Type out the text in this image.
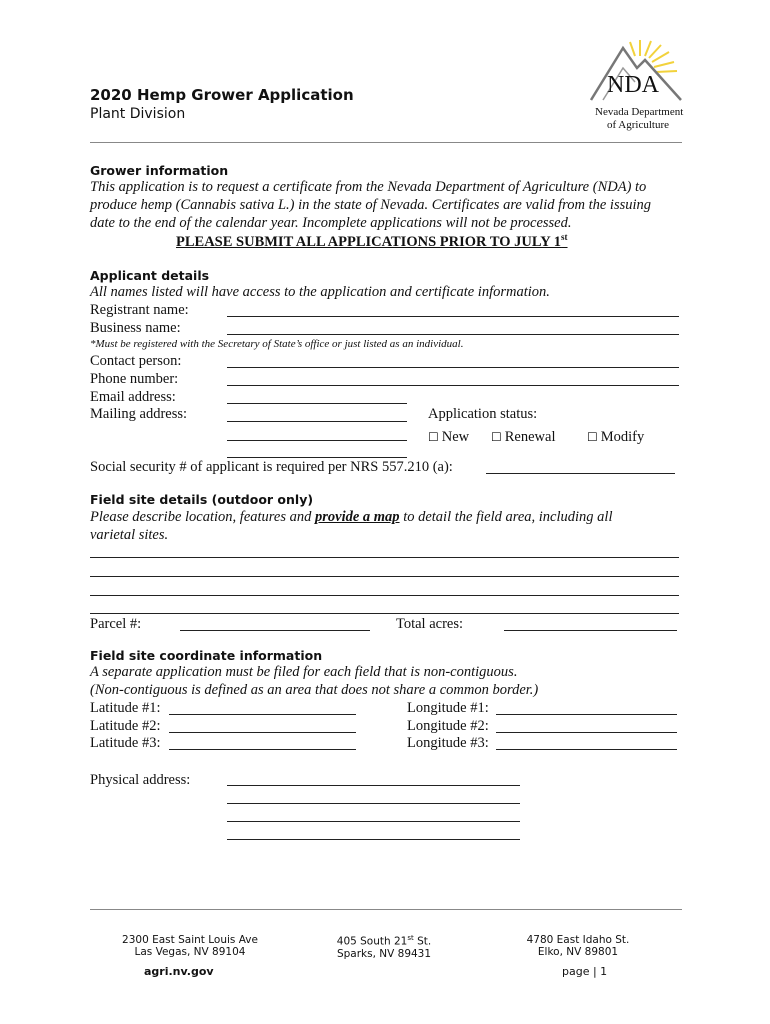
2020 Hemp Grower Application
Plant Division
NDA
Nevada Department
of Agriculture
Grower information
This application is to request a certificate from the Nevada Department of Agriculture (NDA) to
produce hemp (Cannabis sativa L.) in the state of Nevada. Certificates are valid from the issuing
date to the end of the calendar year. Incomplete applications will not be processed.
PLEASE SUBMIT ALL APPLICATIONS PRIOR TO JULY 1st
Applicant details
All names listed will have access to the application and certificate information.
Registrant name:
Business name:
*Must be registered with the Secretary of State’s office or just listed as an individual.
Contact person:
Phone number:
Email address:
Mailing address:	Application status:
☐ New ☐ Renewal	☐ Modify
Social security # of applicant is required per NRS 557.210 (a):
Field site details (outdoor only)
Please describe location, features and provide a map to detail the field area, including all
varietal sites.
Parcel #:	Total acres:
Field site coordinate information
A separate application must be filed for each field that is non-contiguous.
(Non-contiguous is defined as an area that does not share a common border.)
Latitude #1:	Longitude #1:
Latitude #2:	Longitude #2:
Latitude #3:	Longitude #3:
Physical address:
2300 East Saint Louis Ave
Las Vegas, NV 89104
405 South 21st St.
Sparks, NV 89431
4780 East Idaho St.
Elko, NV 89801
agri.nv.gov	page | 1
